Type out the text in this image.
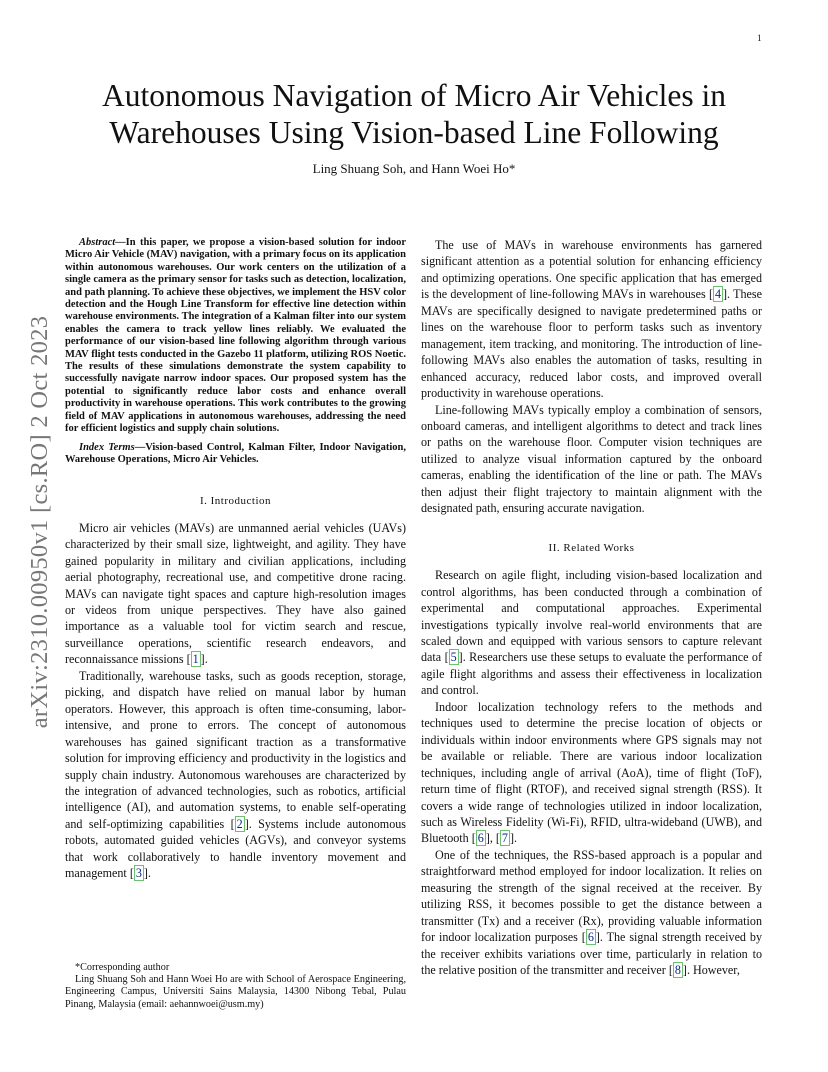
1
arXiv:2310.00950v1 [cs.RO] 2 Oct 2023
Autonomous Navigation of Micro Air Vehicles in
Warehouses Using Vision-based Line Following
Ling Shuang Soh, and Hann Woei Ho*

Abstract—In this paper, we propose a vision-based solution for indoor Micro Air Vehicle (MAV) navigation, with a primary focus on its application within autonomous warehouses. Our work centers on the utilization of a single camera as the primary sensor for tasks such as detection, localization, and path planning. To achieve these objectives, we implement the HSV color detection and the Hough Line Transform for effective line detection within warehouse environments. The integration of a Kalman filter into our system enables the camera to track yellow lines reliably. We evaluated the performance of our vision-based line following algorithm through various MAV flight tests conducted in the Gazebo 11 platform, utilizing ROS Noetic. The results of these simulations demonstrate the system capability to successfully navigate narrow indoor spaces. Our proposed system has the potential to significantly reduce labor costs and enhance overall productivity in warehouse operations. This work contributes to the growing field of MAV applications in autonomous warehouses, addressing the need for efficient logistics and supply chain solutions.

Index Terms—Vision-based Control, Kalman Filter, Indoor Navigation, Warehouse Operations, Micro Air Vehicles.

I. Introduction

Micro air vehicles (MAVs) are unmanned aerial vehicles (UAVs) characterized by their small size, lightweight, and agility. They have gained popularity in military and civilian applications, including aerial photography, recreational use, and competitive drone racing. MAVs can navigate tight spaces and capture high-resolution images or videos from unique perspectives. They have also gained importance as a valuable tool for victim search and rescue, surveillance operations, scientific research endeavors, and reconnaissance missions [ 1 ].

Traditionally, warehouse tasks, such as goods reception, storage, picking, and dispatch have relied on manual labor by human operators. However, this approach is often time-consuming, labor-intensive, and prone to errors. The concept of autonomous warehouses has gained significant traction as a transformative solution for improving efficiency and productivity in the logistics and supply chain industry. Autonomous warehouses are characterized by the integration of advanced technologies, such as robotics, artificial intelligence (AI), and automation systems, to enable self-operating and self-optimizing capabilities [ 2 ]. Systems include autonomous robots, automated guided vehicles (AGVs), and conveyor systems that work collaboratively to handle inventory movement and management [ 3 ].

The use of MAVs in warehouse environments has garnered significant attention as a potential solution for enhancing efficiency and optimizing operations. One specific application that has emerged is the development of line-following MAVs in warehouses [ 4 ]. These MAVs are specifically designed to navigate predetermined paths or lines on the warehouse floor to perform tasks such as inventory management, item tracking, and monitoring. The introduction of line-following MAVs also enables the automation of tasks, resulting in enhanced accuracy, reduced labor costs, and improved overall productivity in warehouse operations.

Line-following MAVs typically employ a combination of sensors, onboard cameras, and intelligent algorithms to detect and track lines or paths on the warehouse floor. Computer vision techniques are utilized to analyze visual information captured by the onboard cameras, enabling the identification of the line or path. The MAVs then adjust their flight trajectory to maintain alignment with the designated path, ensuring accurate navigation.

II. Related Works

Research on agile flight, including vision-based localization and control algorithms, has been conducted through a combination of experimental and computational approaches. Experimental investigations typically involve real-world environments that are scaled down and equipped with various sensors to capture relevant data [ 5 ]. Researchers use these setups to evaluate the performance of agile flight algorithms and assess their effectiveness in localization and control.

Indoor localization technology refers to the methods and techniques used to determine the precise location of objects or individuals within indoor environments where GPS signals may not be available or reliable. There are various indoor localization techniques, including angle of arrival (AoA), time of flight (ToF), return time of flight (RTOF), and received signal strength (RSS). It covers a wide range of technologies utilized in indoor localization, such as Wireless Fidelity (Wi-Fi), RFID, ultra-wideband (UWB), and Bluetooth [ 6 ], [ 7 ].

One of the techniques, the RSS-based approach is a popular and straightforward method employed for indoor localization. It relies on measuring the strength of the signal received at the receiver. By utilizing RSS, it becomes possible to get the distance between a transmitter (Tx) and a receiver (Rx), providing valuable information for indoor localization purposes [ 6 ]. The signal strength received by the receiver exhibits variations over time, particularly in relation to the relative position of the transmitter and receiver [ 8 ]. However,

*Corresponding author

Ling Shuang Soh and Hann Woei Ho are with School of Aerospace Engineering, Engineering Campus, Universiti Sains Malaysia, 14300 Nibong Tebal, Pulau Pinang, Malaysia (email: aehannwoei@usm.my)
